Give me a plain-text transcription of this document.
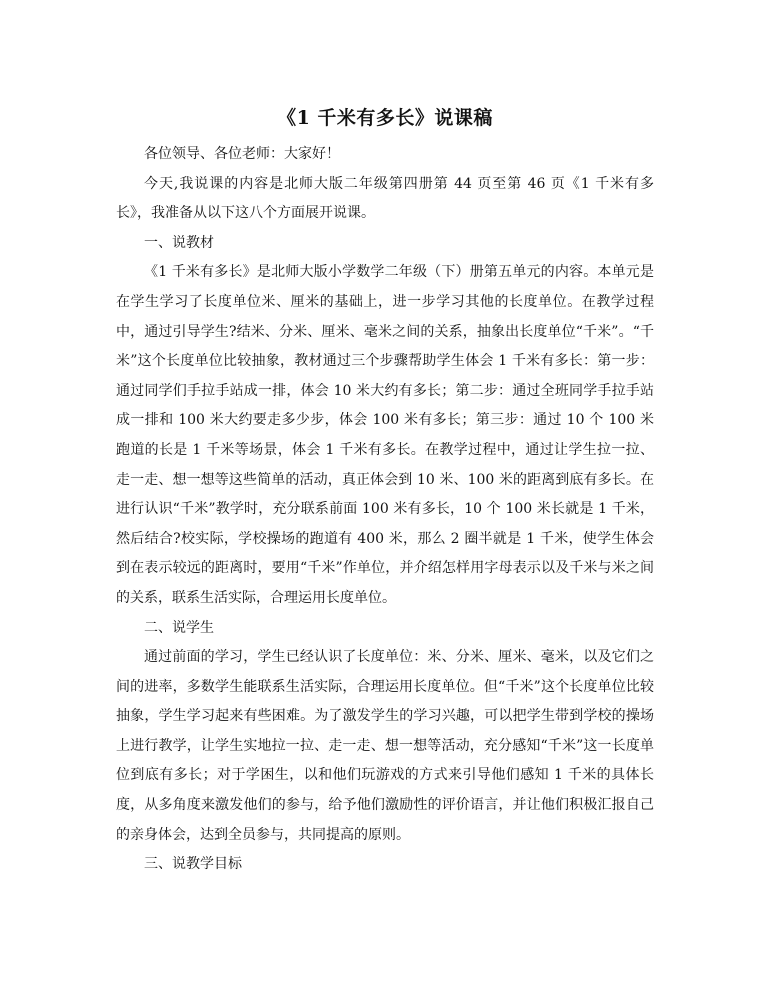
《1 千米有多长》说课稿

各位领导、各位老师：大家好！

今天,我说课的内容是北师大版二年级第四册第 44 页至第 46 页《1 千米有多长》，我准备从以下这八个方面展开说课。

一、说教材

《1 千米有多长》是北师大版小学数学二年级（下）册第五单元的内容。本单元是在学生学习了长度单位米、厘米的基础上，进一步学习其他的长度单位。在教学过程中，通过引导学生?结米、分米、厘米、毫米之间的关系，抽象出长度单位“千米”。“千米”这个长度单位比较抽象，教材通过三个步骤帮助学生体会 1 千米有多长：第一步：通过同学们手拉手站成一排，体会 10 米大约有多长；第二步：通过全班同学手拉手站成一排和 100 米大约要走多少步，体会 100 米有多长；第三步：通过 10 个 100 米跑道的长是 1 千米等场景，体会 1 千米有多长。在教学过程中，通过让学生拉一拉、走一走、想一想等这些简单的活动，真正体会到 10 米、100 米的距离到底有多长。在进行认识“千米”教学时，充分联系前面 100 米有多长，10 个 100 米长就是 1 千米，然后结合?校实际，学校操场的跑道有 400 米，那么 2 圈半就是 1 千米，使学生体会到在表示较远的距离时，要用“千米”作单位，并介绍怎样用字母表示以及千米与米之间的关系，联系生活实际，合理运用长度单位。

二、说学生

通过前面的学习，学生已经认识了长度单位：米、分米、厘米、毫米，以及它们之间的进率，多数学生能联系生活实际，合理运用长度单位。但“千米”这个长度单位比较抽象，学生学习起来有些困难。为了激发学生的学习兴趣，可以把学生带到学校的操场上进行教学，让学生实地拉一拉、走一走、想一想等活动，充分感知“千米”这一长度单位到底有多长；对于学困生，以和他们玩游戏的方式来引导他们感知 1 千米的具体长度，从多角度来激发他们的参与，给予他们激励性的评价语言，并让他们积极汇报自己的亲身体会，达到全员参与，共同提高的原则。

三、说教学目标
